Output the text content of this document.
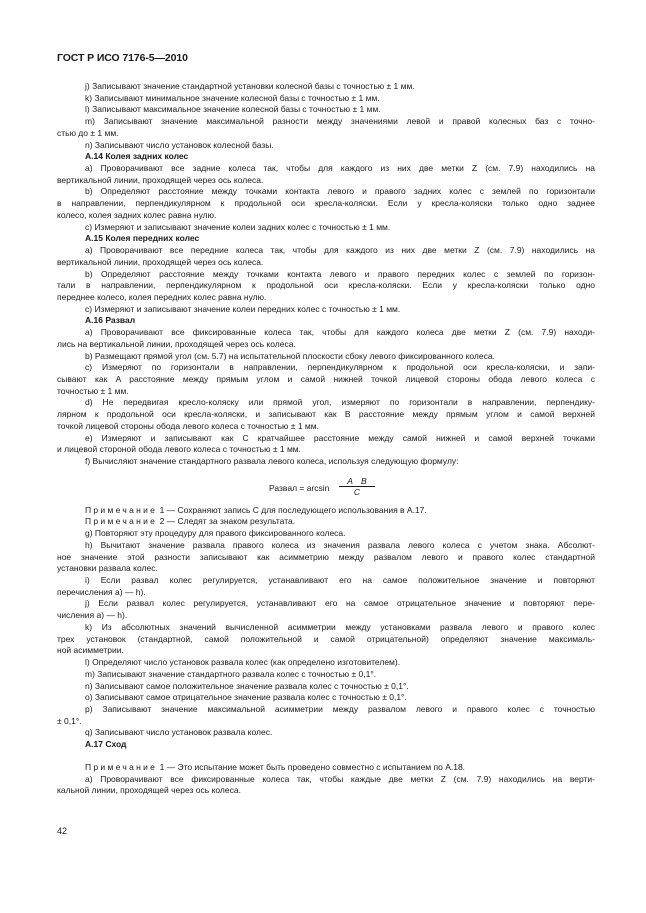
ГОСТ Р ИСО 7176-5—2010
j) Записывают значение стандартной установки колесной базы с точностью ± 1 мм.
k) Записывают минимальное значение колесной базы с точностью ± 1 мм.
l) Записывают максимальное значение колесной базы с точностью ± 1 мм.
m) Записывают значение максимальной разности между значениями левой и правой колесных баз с точно-
стью до ± 1 мм.
n) Записывают число установок колесной базы.
А.14 Колея задних колес
а) Проворачивают все задние колеса так, чтобы для каждого из них две метки Z (см. 7.9) находились на
вертикальной линии, проходящей через ось колеса.
b) Определяют расстояние между точками контакта левого и правого задних колес с землей по горизонтали
в направлении, перпендикулярном к продольной оси кресла-коляски. Если у кресла-коляски только одно заднее
колесо, колея задних колес равна нулю.
с) Измеряют и записывают значение колеи задних колес с точностью ± 1 мм.
А.15 Колея передних колес
а) Проворачивают все передние колеса так, чтобы для каждого из них две метки Z (см. 7.9) находились на
вертикальной линии, проходящей через ось колеса.
b) Определяют расстояние между точками контакта левого и правого передних колес с землей по горизон-
тали в направлении, перпендикулярном к продольной оси кресла-коляски. Если у кресла-коляски только одно
переднее колесо, колея передних колес равна нулю.
с) Измеряют и записывают значение колеи передних колес с точностью ± 1 мм.
А.16 Развал
а) Проворачивают все фиксированные колеса так, чтобы для каждого колеса две метки Z (см. 7.9) находи-
лись на вертикальной линии, проходящей через ось колеса.
b) Размещают прямой угол (см. 5.7) на испытательной плоскости сбоку левого фиксированного колеса.
с) Измеряют по горизонтали в направлении, перпендикулярном к продольной оси кресла-коляски, и запи-
сывают как A расстояние между прямым углом и самой нижней точкой лицевой стороны обода левого колеса с
точностью ± 1 мм.
d) Не передвигая кресло-коляску или прямой угол, измеряют по горизонтали в направлении, перпендику-
лярном к продольной оси кресла-коляски, и записывают как B расстояние между прямым углом и самой верхней
точкой лицевой стороны обода левого колеса с точностью ± 1 мм.
е) Измеряют и записывают как C кратчайшее расстояние между самой нижней и самой верхней точками
и лицевой стороной обода левого колеса с точностью ± 1 мм.
f) Вычисляют значение стандартного развала левого колеса, используя следующую формулу:
Развал = $\arcsin \frac{\text{A B}}{C}$
Примечание 1 — Сохраняют запись C для последующего использования в А.17.
Примечание 2 — Следят за знаком результата.
g) Повторяют эту процедуру для правого фиксированного колеса.
h) Вычитают значение развала правого колеса из значения развала левого колеса с учетом знака. Абсолют-
ное значение этой разности записывают как асимметрию между развалом левого и правого колес стандартной
установки развала колес.
i) Если развал колес регулируется, устанавливают его на самое положительное значение и повторяют
перечисления а) — h).
j) Если развал колес регулируется, устанавливают его на самое отрицательное значение и повторяют пере-
числения а) — h).
k) Из абсолютных значений вычисленной асимметрии между установками развала левого и правого колес
трех установок (стандартной, самой положительной и самой отрицательной) определяют значение максималь-
ной асимметрии.
l) Определяют число установок развала колес (как определено изготовителем).
m) Записывают значение стандартного развала колес с точностью ± 0,1°.
n) Записывают самое положительное значение развала колес с точностью ± 0,1°.
о) Записывают самое отрицательное значение развала колес с точностью ± 0,1°.
p) Записывают значение максимальной асимметрии между развалом левого и правого колес с точностью
± 0,1°.
q) Записывают число установок развала колес.
А.17 Сход
Примечание 1 — Это испытание может быть проведено совместно с испытанием по А.18.
а) Проворачивают все фиксированные колеса так, чтобы каждые две метки Z (см. 7.9) находились на верти-
кальной линии, проходящей через ось колеса.
42
